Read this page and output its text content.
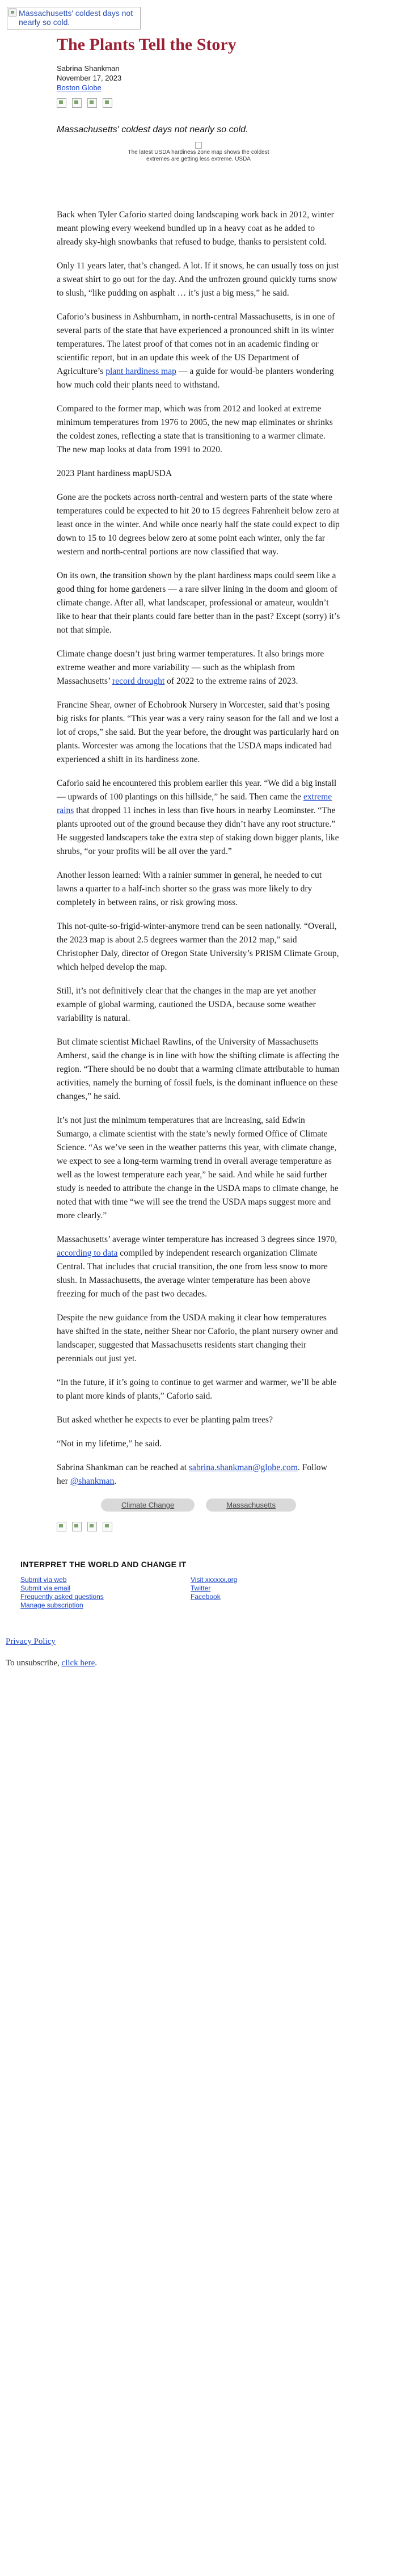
Massachusetts' coldest days not nearly so cold.
The Plants Tell the Story
Sabrina Shankman
November 17, 2023
Boston Globe
Massachusetts' coldest days not nearly so cold.

The latest USDA hardiness zone map shows the coldest extremes are getting less extreme. USDA

Back when Tyler Caforio started doing landscaping work back in 2012, winter meant plowing every weekend bundled up in a heavy coat as he added to already sky-high snowbanks that refused to budge, thanks to persistent cold.

Only 11 years later, that’s changed. A lot. If it snows, he can usually toss on just a sweat shirt to go out for the day. And the unfrozen ground quickly turns snow to slush, “like pudding on asphalt … it’s just a big mess,” he said.

Caforio’s business in Ashburnham, in north-central Massachusetts, is in one of several parts of the state that have experienced a pronounced shift in its winter temperatures. The latest proof of that comes not in an academic finding or scientific report, but in an update this week of the US Department of Agriculture’s plant hardiness map — a guide for would-be planters wondering how much cold their plants need to withstand.

Compared to the former map, which was from 2012 and looked at extreme minimum temperatures from 1976 to 2005, the new map eliminates or shrinks the coldest zones, reflecting a state that is transitioning to a warmer climate. The new map looks at data from 1991 to 2020.

2023 Plant hardiness mapUSDA

Gone are the pockets across north-central and western parts of the state where temperatures could be expected to hit 20 to 15 degrees Fahrenheit below zero at least once in the winter. And while once nearly half the state could expect to dip down to 15 to 10 degrees below zero at some point each winter, only the far western and north-central portions are now classified that way.

On its own, the transition shown by the plant hardiness maps could seem like a good thing for home gardeners — a rare silver lining in the doom and gloom of climate change. After all, what landscaper, professional or amateur, wouldn’t like to hear that their plants could fare better than in the past? Except (sorry) it’s not that simple.

Climate change doesn’t just bring warmer temperatures. It also brings more extreme weather and more variability — such as the whiplash from Massachusetts’ record drought of 2022 to the extreme rains of 2023.

Francine Shear, owner of Echobrook Nursery in Worcester, said that’s posing big risks for plants. “This year was a very rainy season for the fall and we lost a lot of crops,” she said. But the year before, the drought was particularly hard on plants. Worcester was among the locations that the USDA maps indicated had experienced a shift in its hardiness zone.

Caforio said he encountered this problem earlier this year. “We did a big install — upwards of 100 plantings on this hillside,” he said. Then came the extreme rains that dropped 11 inches in less than five hours in nearby Leominster. “The plants uprooted out of the ground because they didn’t have any root structure.” He suggested landscapers take the extra step of staking down bigger plants, like shrubs, “or your profits will be all over the yard.”

Another lesson learned: With a rainier summer in general, he needed to cut lawns a quarter to a half-inch shorter so the grass was more likely to dry completely in between rains, or risk growing moss.

This not-quite-so-frigid-winter-anymore trend can be seen nationally. “Overall, the 2023 map is about 2.5 degrees warmer than the 2012 map,” said Christopher Daly, director of Oregon State University’s PRISM Climate Group, which helped develop the map.

Still, it’s not definitively clear that the changes in the map are yet another example of global warming, cautioned the USDA, because some weather variability is natural.

But climate scientist Michael Rawlins, of the University of Massachusetts Amherst, said the change is in line with how the shifting climate is affecting the region. “There should be no doubt that a warming climate attributable to human activities, namely the burning of fossil fuels, is the dominant influence on these changes,” he said.

It’s not just the minimum temperatures that are increasing, said Edwin Sumargo, a climate scientist with the state’s newly formed Office of Climate Science. “As we’ve seen in the weather patterns this year, with climate change, we expect to see a long-term warming trend in overall average temperature as well as the lowest temperature each year,” he said. And while he said further study is needed to attribute the change in the USDA maps to climate change, he noted that with time “we will see the trend the USDA maps suggest more and more clearly.”

Massachusetts’ average winter temperature has increased 3 degrees since 1970, according to data compiled by independent research organization Climate Central. That includes that crucial transition, the one from less snow to more slush. In Massachusetts, the average winter temperature has been above freezing for much of the past two decades.

Despite the new guidance from the USDA making it clear how temperatures have shifted in the state, neither Shear nor Caforio, the plant nursery owner and landscaper, suggested that Massachusetts residents start changing their perennials out just yet.

“In the future, if it’s going to continue to get warmer and warmer, we’ll be able to plant more kinds of plants,” Caforio said.

But asked whether he expects to ever be planting palm trees?

“Not in my lifetime,” he said.

Sabrina Shankman can be reached at sabrina.shankman@globe.com. Follow her @shankman.

Climate Change	Massachusetts
INTERPRET THE WORLD AND CHANGE IT
Submit via web
Submit via email
Frequently asked questions
Manage subscription
Visit xxxxxx.org
Twitter
Facebook
Privacy Policy
To unsubscribe, click here.
